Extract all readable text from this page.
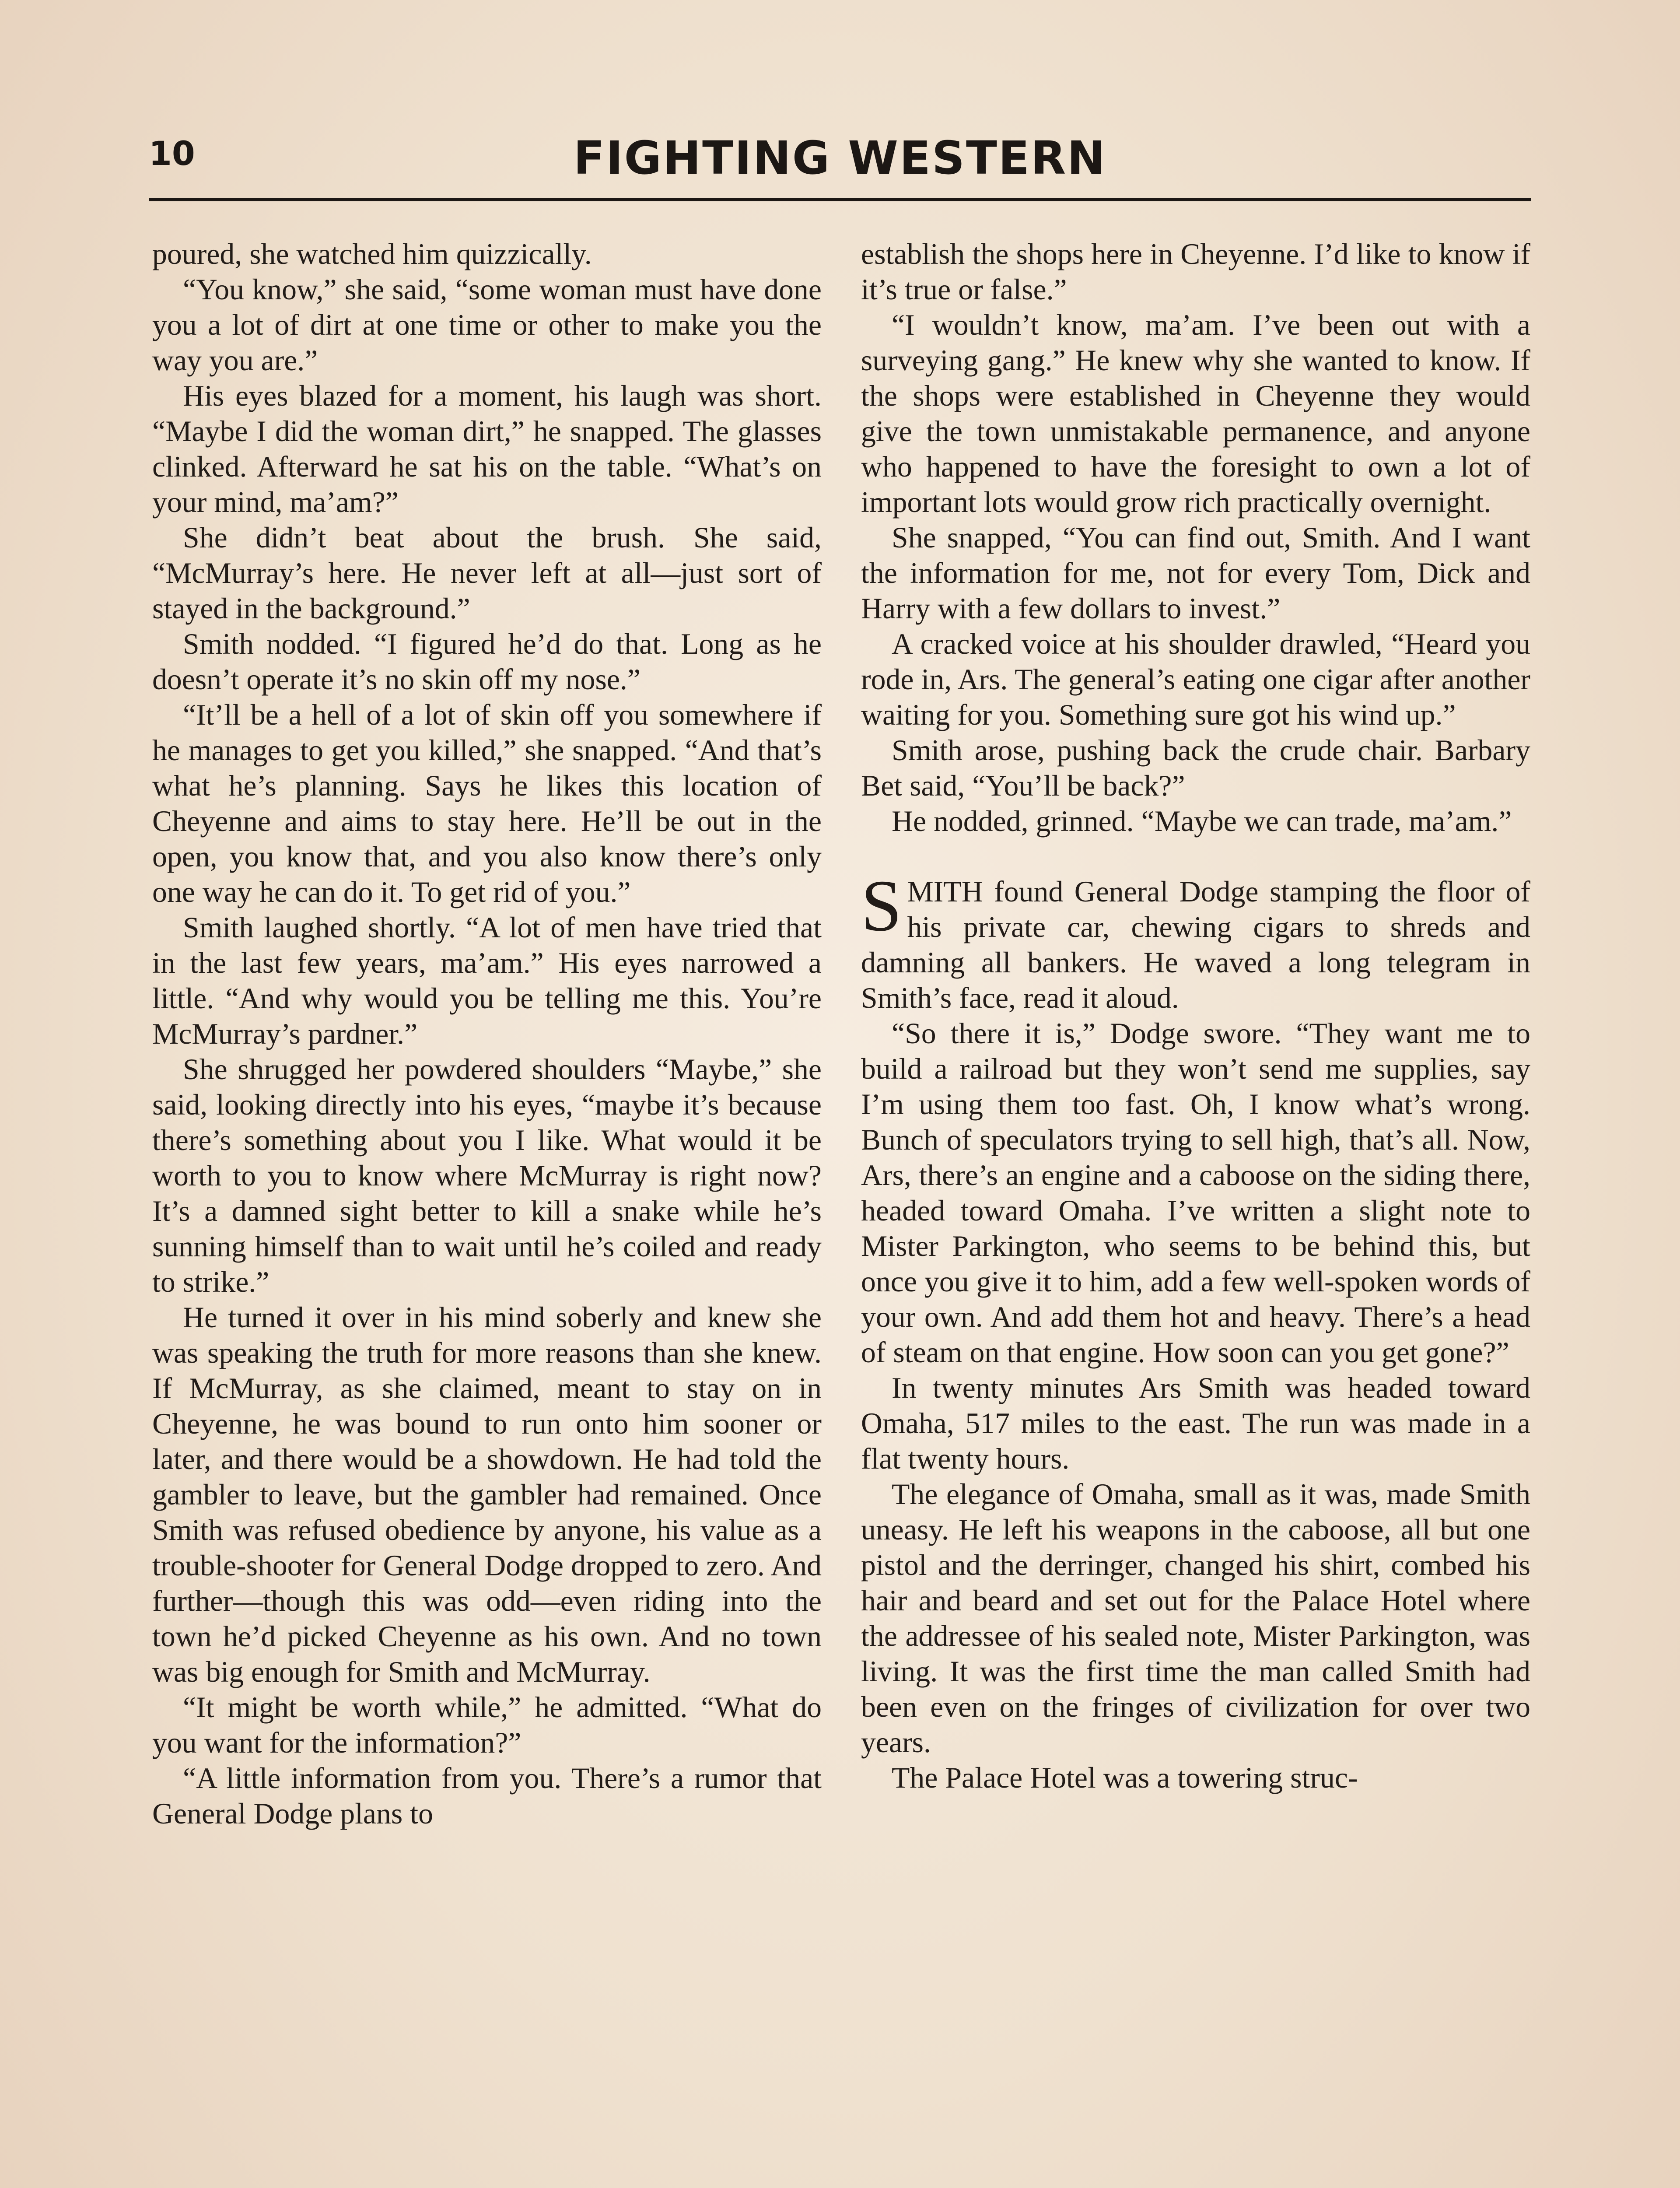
10	FIGHTING WESTERN

poured, she watched him quizzically.

“You know,” she said, “some woman must have done you a lot of dirt at one time or other to make you the way you are.”

His eyes blazed for a moment, his laugh was short. “Maybe I did the woman dirt,” he snapped. The glasses clinked. Afterward he sat his on the table. “What’s on your mind, ma’am?”

She didn’t beat about the brush. She said, “McMurray’s here. He never left at all—just sort of stayed in the background.”

Smith nodded. “I figured he’d do that. Long as he doesn’t operate it’s no skin off my nose.”

“It’ll be a hell of a lot of skin off you somewhere if he manages to get you killed,” she snapped. “And that’s what he’s planning. Says he likes this location of Cheyenne and aims to stay here. He’ll be out in the open, you know that, and you also know there’s only one way he can do it. To get rid of you.”

Smith laughed shortly. “A lot of men have tried that in the last few years, ma’am.” His eyes narrowed a little. “And why would you be telling me this. You’re McMurray’s pardner.”

She shrugged her powdered shoulders “Maybe,” she said, looking directly into his eyes, “maybe it’s because there’s something about you I like. What would it be worth to you to know where McMurray is right now? It’s a damned sight better to kill a snake while he’s sunning himself than to wait until he’s coiled and ready to strike.”

He turned it over in his mind soberly and knew she was speaking the truth for more reasons than she knew. If McMurray, as she claimed, meant to stay on in Cheyenne, he was bound to run onto him sooner or later, and there would be a showdown. He had told the gambler to leave, but the gambler had remained. Once Smith was refused obedience by anyone, his value as a trouble-shooter for General Dodge dropped to zero. And further—though this was odd—even riding into the town he’d picked Cheyenne as his own. And no town was big enough for Smith and McMurray.

“It might be worth while,” he admitted. “What do you want for the information?”

“A little information from you. There’s a rumor that General Dodge plans to

establish the shops here in Cheyenne. I’d like to know if it’s true or false.”

“I wouldn’t know, ma’am. I’ve been out with a surveying gang.” He knew why she wanted to know. If the shops were established in Cheyenne they would give the town unmistakable permanence, and anyone who happened to have the foresight to own a lot of important lots would grow rich practically overnight.

She snapped, “You can find out, Smith. And I want the information for me, not for every Tom, Dick and Harry with a few dollars to invest.”

A cracked voice at his shoulder drawled, “Heard you rode in, Ars. The general’s eating one cigar after another waiting for you. Something sure got his wind up.”

Smith arose, pushing back the crude chair. Barbary Bet said, “You’ll be back?”

He nodded, grinned. “Maybe we can trade, ma’am.”

SMITH found General Dodge stamping the floor of his private car, chewing cigars to shreds and damning all bankers. He waved a long telegram in Smith’s face, read it aloud.

“So there it is,” Dodge swore. “They want me to build a railroad but they won’t send me supplies, say I’m using them too fast. Oh, I know what’s wrong. Bunch of speculators trying to sell high, that’s all. Now, Ars, there’s an engine and a caboose on the siding there, headed toward Omaha. I’ve written a slight note to Mister Parkington, who seems to be behind this, but once you give it to him, add a few well-spoken words of your own. And add them hot and heavy. There’s a head of steam on that engine. How soon can you get gone?”

In twenty minutes Ars Smith was headed toward Omaha, 517 miles to the east. The run was made in a flat twenty hours.

The elegance of Omaha, small as it was, made Smith uneasy. He left his weapons in the caboose, all but one pistol and the derringer, changed his shirt, combed his hair and beard and set out for the Palace Hotel where the addressee of his sealed note, Mister Parkington, was living. It was the first time the man called Smith had been even on the fringes of civilization for over two years.

The Palace Hotel was a towering struc-
